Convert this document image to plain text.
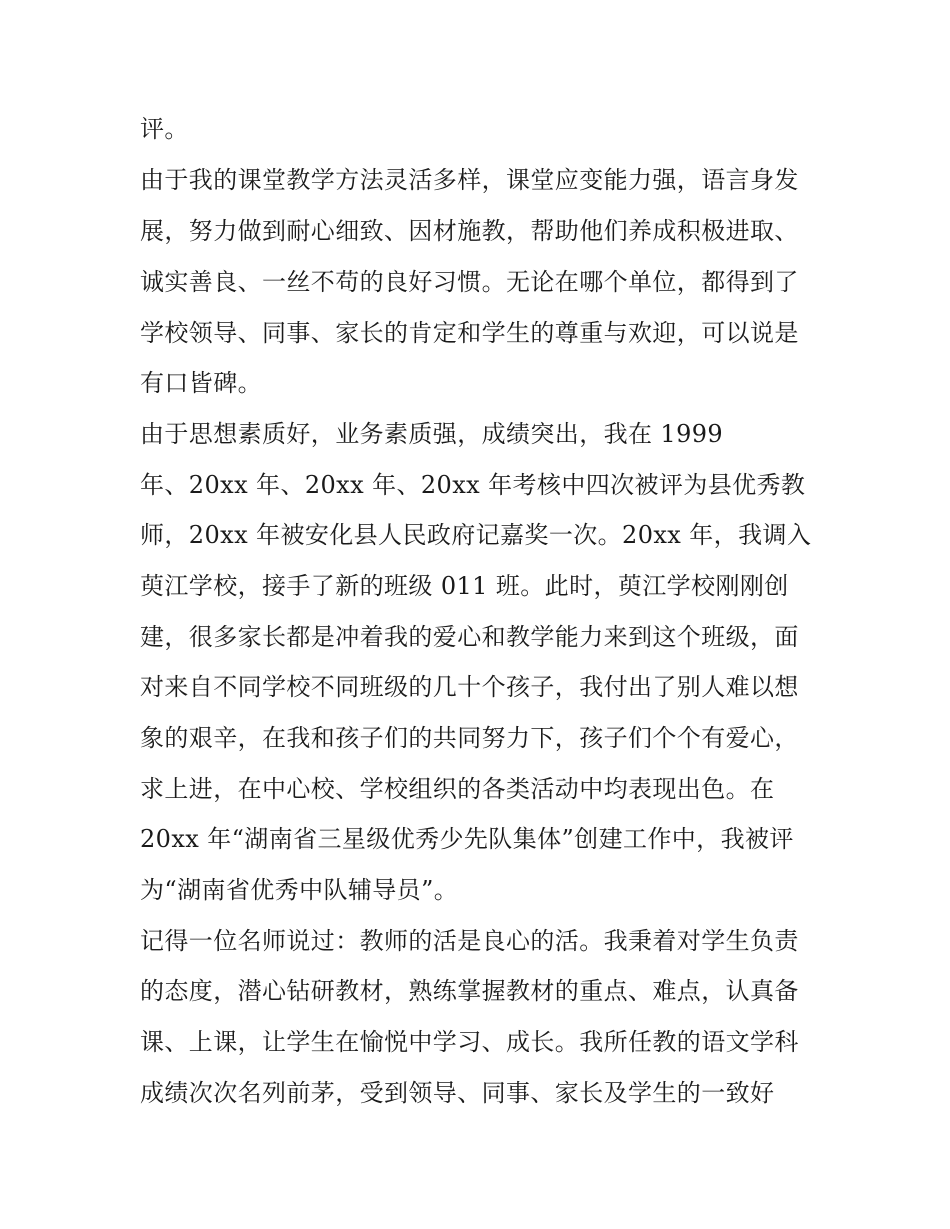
评。

由于我的课堂教学方法灵活多样，课堂应变能力强，语言身发

展，努力做到耐心细致、因材施教，帮助他们养成积极进取、

诚实善良、一丝不苟的良好习惯。无论在哪个单位，都得到了

学校领导、同事、家长的肯定和学生的尊重与欢迎，可以说是

有口皆碑。

由于思想素质好，业务素质强，成绩突出，我在 1999

年、20xx 年、20xx 年、20xx 年考核中四次被评为县优秀教

师，20xx 年被安化县人民政府记嘉奖一次。20xx 年，我调入

萸江学校，接手了新的班级 011 班。此时，萸江学校刚刚创

建，很多家长都是冲着我的爱心和教学能力来到这个班级，面

对来自不同学校不同班级的几十个孩子，我付出了别人难以想

象的艰辛，在我和孩子们的共同努力下，孩子们个个有爱心，

求上进，在中心校、学校组织的各类活动中均表现出色。在

20xx 年“湖南省三星级优秀少先队集体”创建工作中，我被评

为“湖南省优秀中队辅导员”。

记得一位名师说过：教师的活是良心的活。我秉着对学生负责

的态度，潜心钻研教材，熟练掌握教材的重点、难点，认真备

课、上课，让学生在愉悦中学习、成长。我所任教的语文学科

成绩次次名列前茅，受到领导、同事、家长及学生的一致好
